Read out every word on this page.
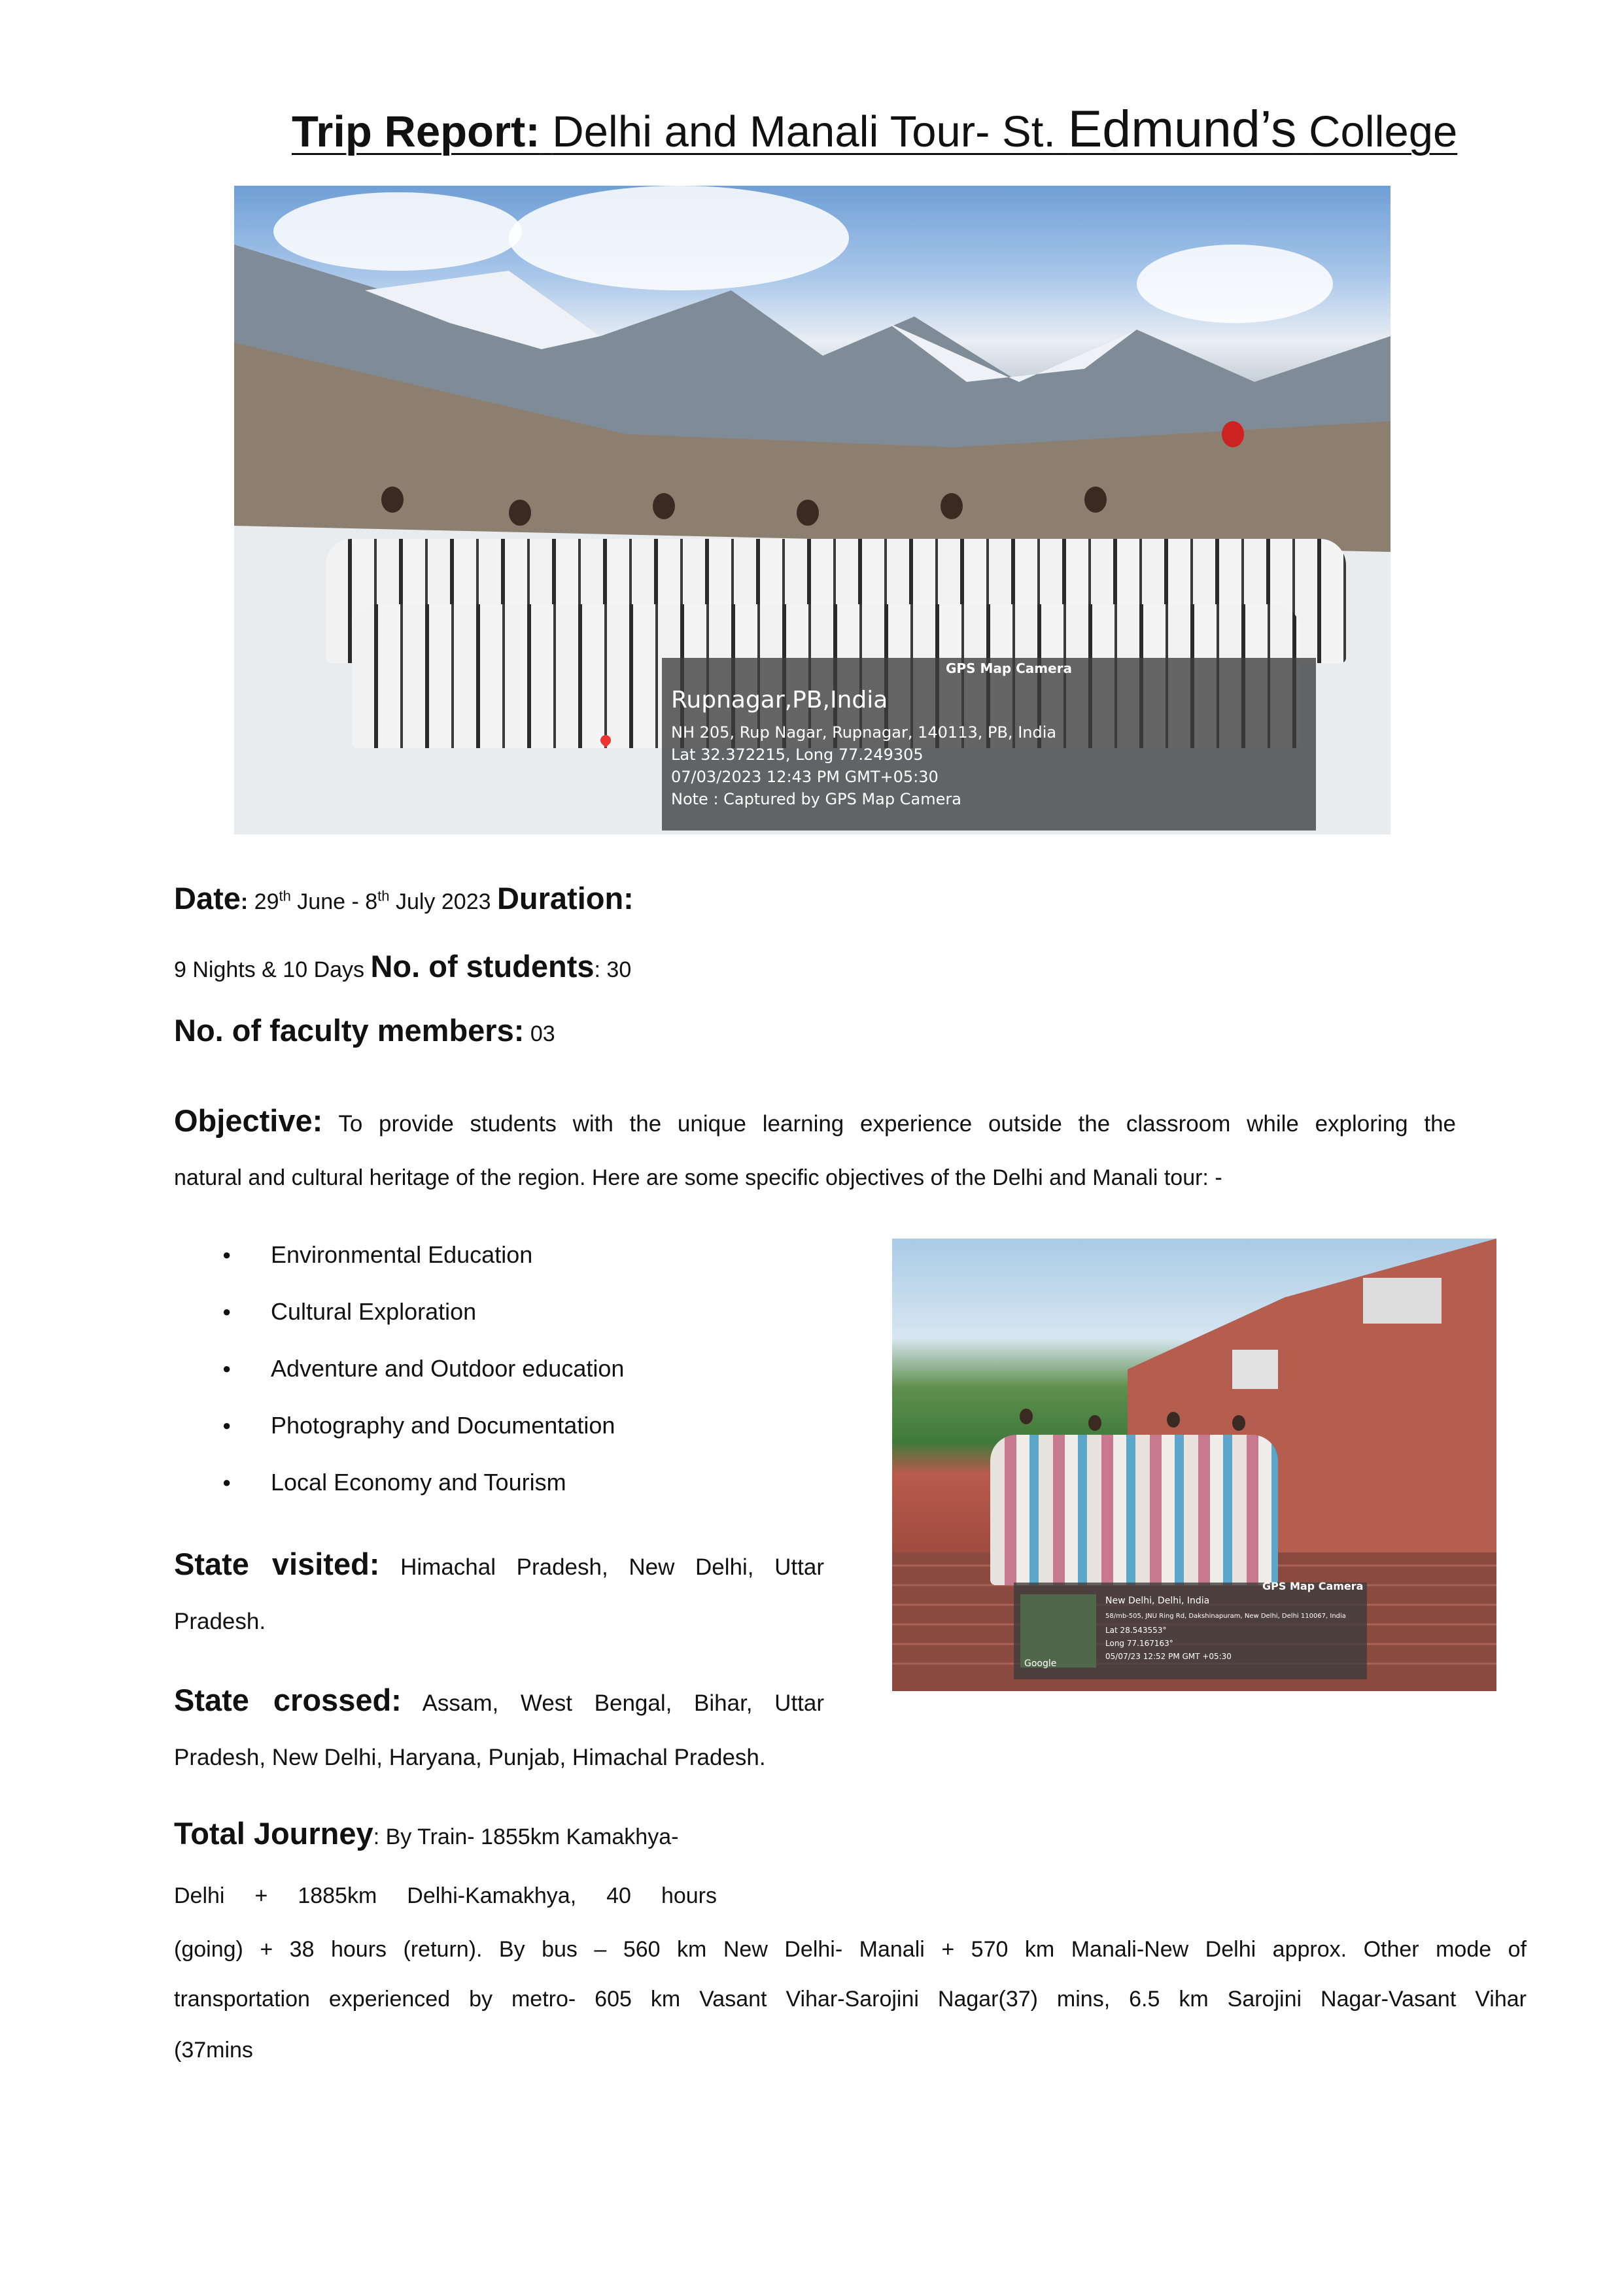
Trip Report: Delhi and Manali Tour- St. Edmund’s College
GPS Map Camera
Rupnagar,PB,India
NH 205, Rup Nagar, Rupnagar, 140113, PB, India
Lat 32.372215, Long 77.249305
07/03/2023 12:43 PM GMT+05:30
Note : Captured by GPS Map Camera
Date: 29th June - 8th July 2023 Duration:
9 Nights & 10 Days No. of students: 30
No. of faculty members: 03
Objective: To provide students with the unique learning experience outside the classroom while exploring the
natural and cultural heritage of the region. Here are some specific objectives of the Delhi and Manali tour: -
● Environmental Education
● Cultural Exploration
● Adventure and Outdoor education
● Photography and Documentation
● Local Economy and Tourism
GPS Map Camera
Google
New Delhi, Delhi, India
58/mb-505, JNU Ring Rd, Dakshinapuram, New Delhi, Delhi 110067, India
Lat 28.543553°
Long 77.167163°
05/07/23 12:52 PM GMT +05:30
State visited: Himachal Pradesh, New Delhi, Uttar
Pradesh.
State crossed: Assam, West Bengal, Bihar, Uttar
Pradesh, New Delhi, Haryana, Punjab, Himachal Pradesh.
Total Journey: By Train- 1855km Kamakhya-
Delhi + 1885km Delhi-Kamakhya, 40 hours
(going) + 38 hours (return). By bus – 560 km New Delhi- Manali + 570 km Manali-New Delhi approx. Other mode of
transportation experienced by metro- 605 km Vasant Vihar-Sarojini Nagar(37) mins, 6.5 km Sarojini Nagar-Vasant Vihar
(37mins
